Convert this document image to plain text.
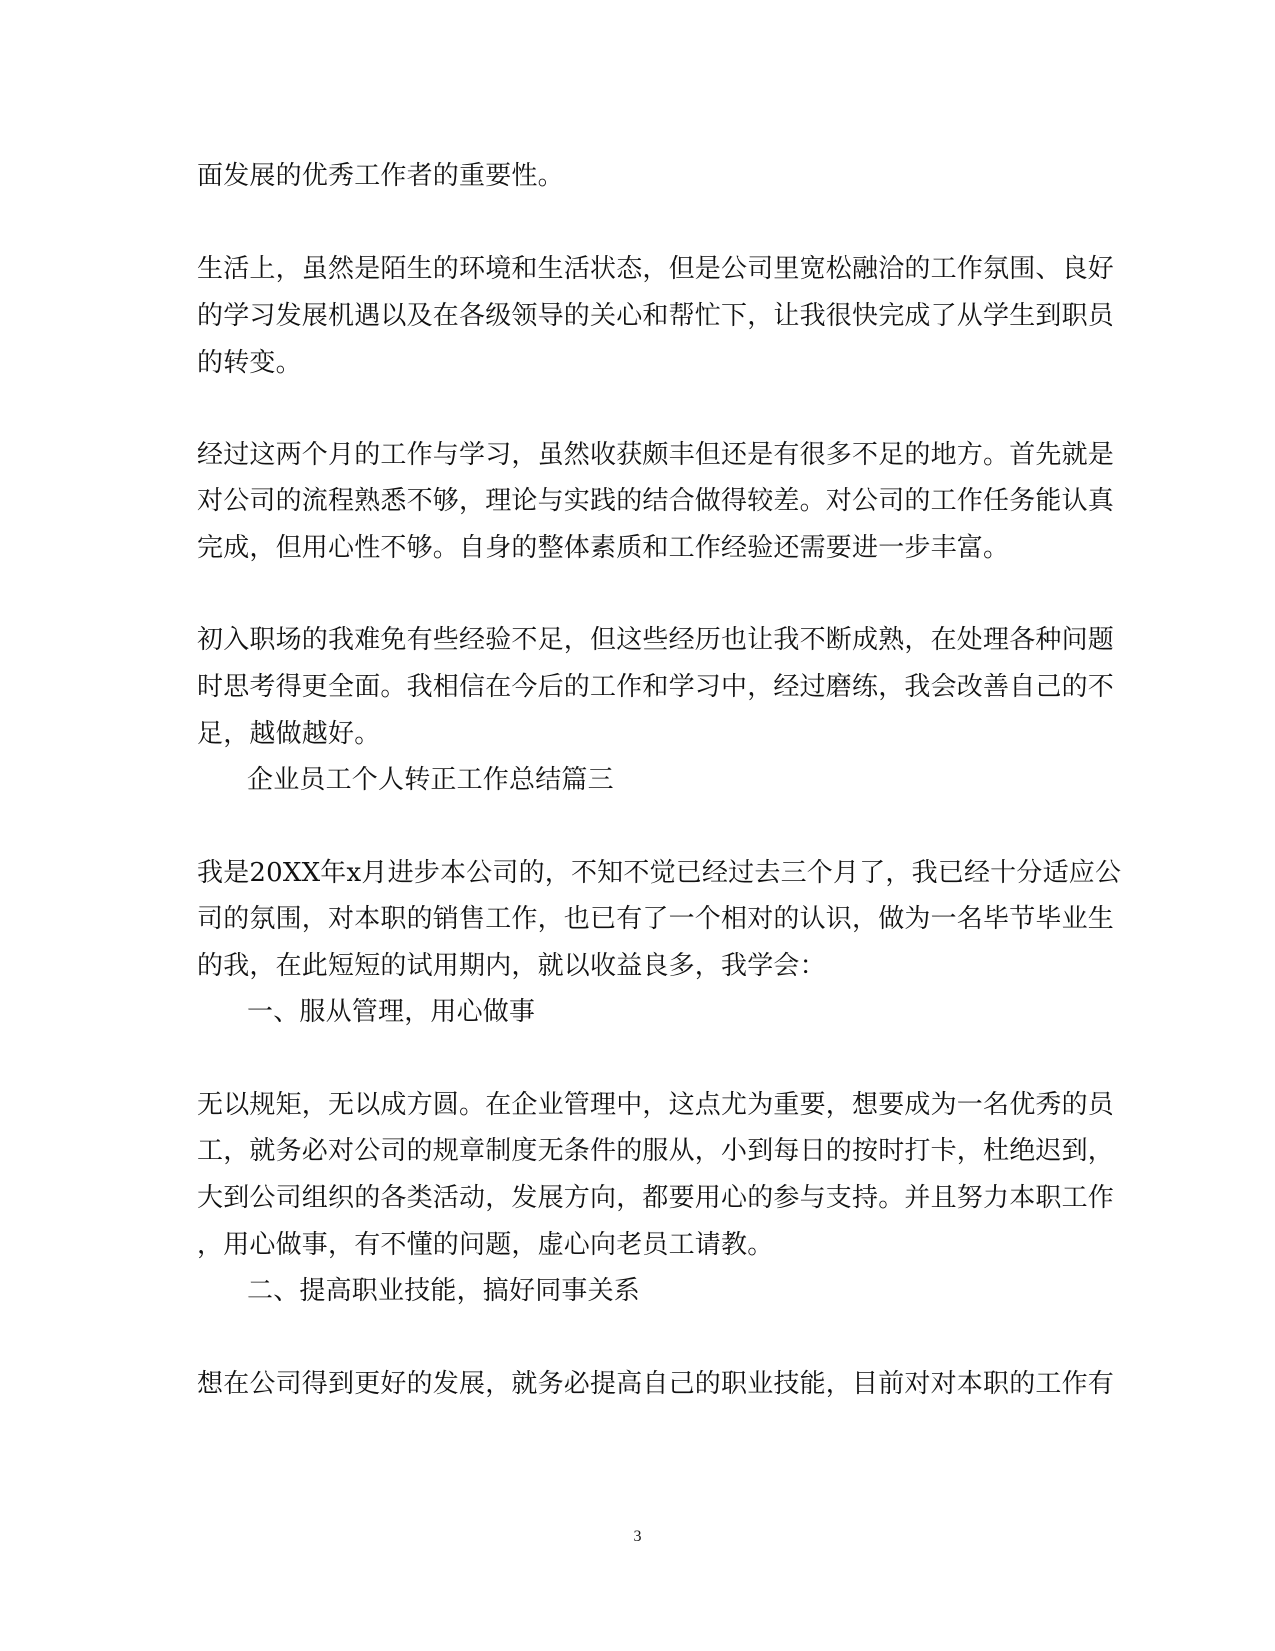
面发展的优秀工作者的重要性。
生活上，虽然是陌生的环境和生活状态，但是公司里宽松融洽的工作氛围、良好
的学习发展机遇以及在各级领导的关心和帮忙下，让我很快完成了从学生到职员
的转变。
经过这两个月的工作与学习，虽然收获颇丰但还是有很多不足的地方。首先就是
对公司的流程熟悉不够，理论与实践的结合做得较差。对公司的工作任务能认真
完成，但用心性不够。自身的整体素质和工作经验还需要进一步丰富。
初入职场的我难免有些经验不足，但这些经历也让我不断成熟，在处理各种问题
时思考得更全面。我相信在今后的工作和学习中，经过磨练，我会改善自己的不
足，越做越好。
企业员工个人转正工作总结篇三
我是20XX年x月进步本公司的，不知不觉已经过去三个月了，我已经十分适应公
司的氛围，对本职的销售工作，也已有了一个相对的认识，做为一名毕节毕业生
的我，在此短短的试用期内，就以收益良多，我学会：
一、服从管理，用心做事
无以规矩，无以成方圆。在企业管理中，这点尤为重要，想要成为一名优秀的员
工，就务必对公司的规章制度无条件的服从，小到每日的按时打卡，杜绝迟到，
大到公司组织的各类活动，发展方向，都要用心的参与支持。并且努力本职工作
，用心做事，有不懂的问题，虚心向老员工请教。
二、提高职业技能，搞好同事关系
想在公司得到更好的发展，就务必提高自己的职业技能，目前对对本职的工作有
3
